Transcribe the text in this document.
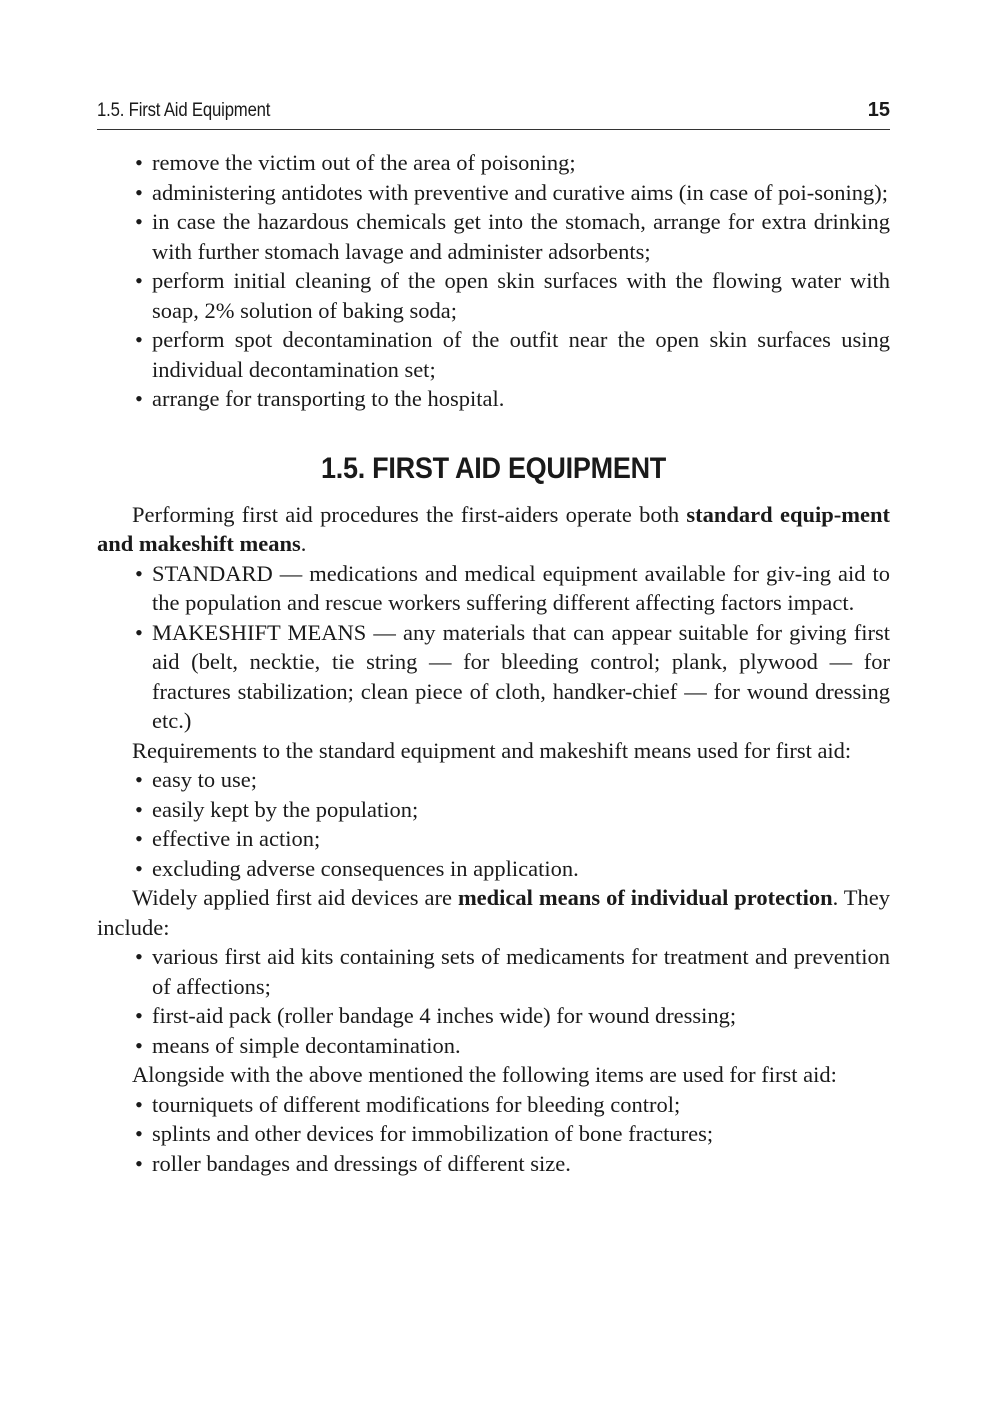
1.5. First Aid Equipment	15
• remove the victim out of the area of poisoning;
• administering antidotes with preventive and curative aims (in case of poi-soning);
• in case the hazardous chemicals get into the stomach, arrange for extra drinking with further stomach lavage and administer adsorbents;
• perform initial cleaning of the open skin surfaces with the flowing water with soap, 2% solution of baking soda;
• perform spot decontamination of the outfit near the open skin surfaces using individual decontamination set;
• arrange for transporting to the hospital.
1.5. FIRST AID EQUIPMENT

Performing first aid procedures the first-aiders operate both standard equip-ment and makeshift means.

• STANDARD — medications and medical equipment available for giv-ing aid to the population and rescue workers suffering different affecting factors impact.
• MAKESHIFT MEANS — any materials that can appear suitable for giving first aid (belt, necktie, tie string — for bleeding control; plank, plywood — for fractures stabilization; clean piece of cloth, handker-chief — for wound dressing etc.)

Requirements to the standard equipment and makeshift means used for first aid:

• easy to use;
• easily kept by the population;
• effective in action;
• excluding adverse consequences in application.

Widely applied first aid devices are medical means of individual protection. They include:

• various first aid kits containing sets of medicaments for treatment and prevention of affections;
• first-aid pack (roller bandage 4 inches wide) for wound dressing;
• means of simple decontamination.

Alongside with the above mentioned the following items are used for first aid:

• tourniquets of different modifications for bleeding control;
• splints and other devices for immobilization of bone fractures;
• roller bandages and dressings of different size.
